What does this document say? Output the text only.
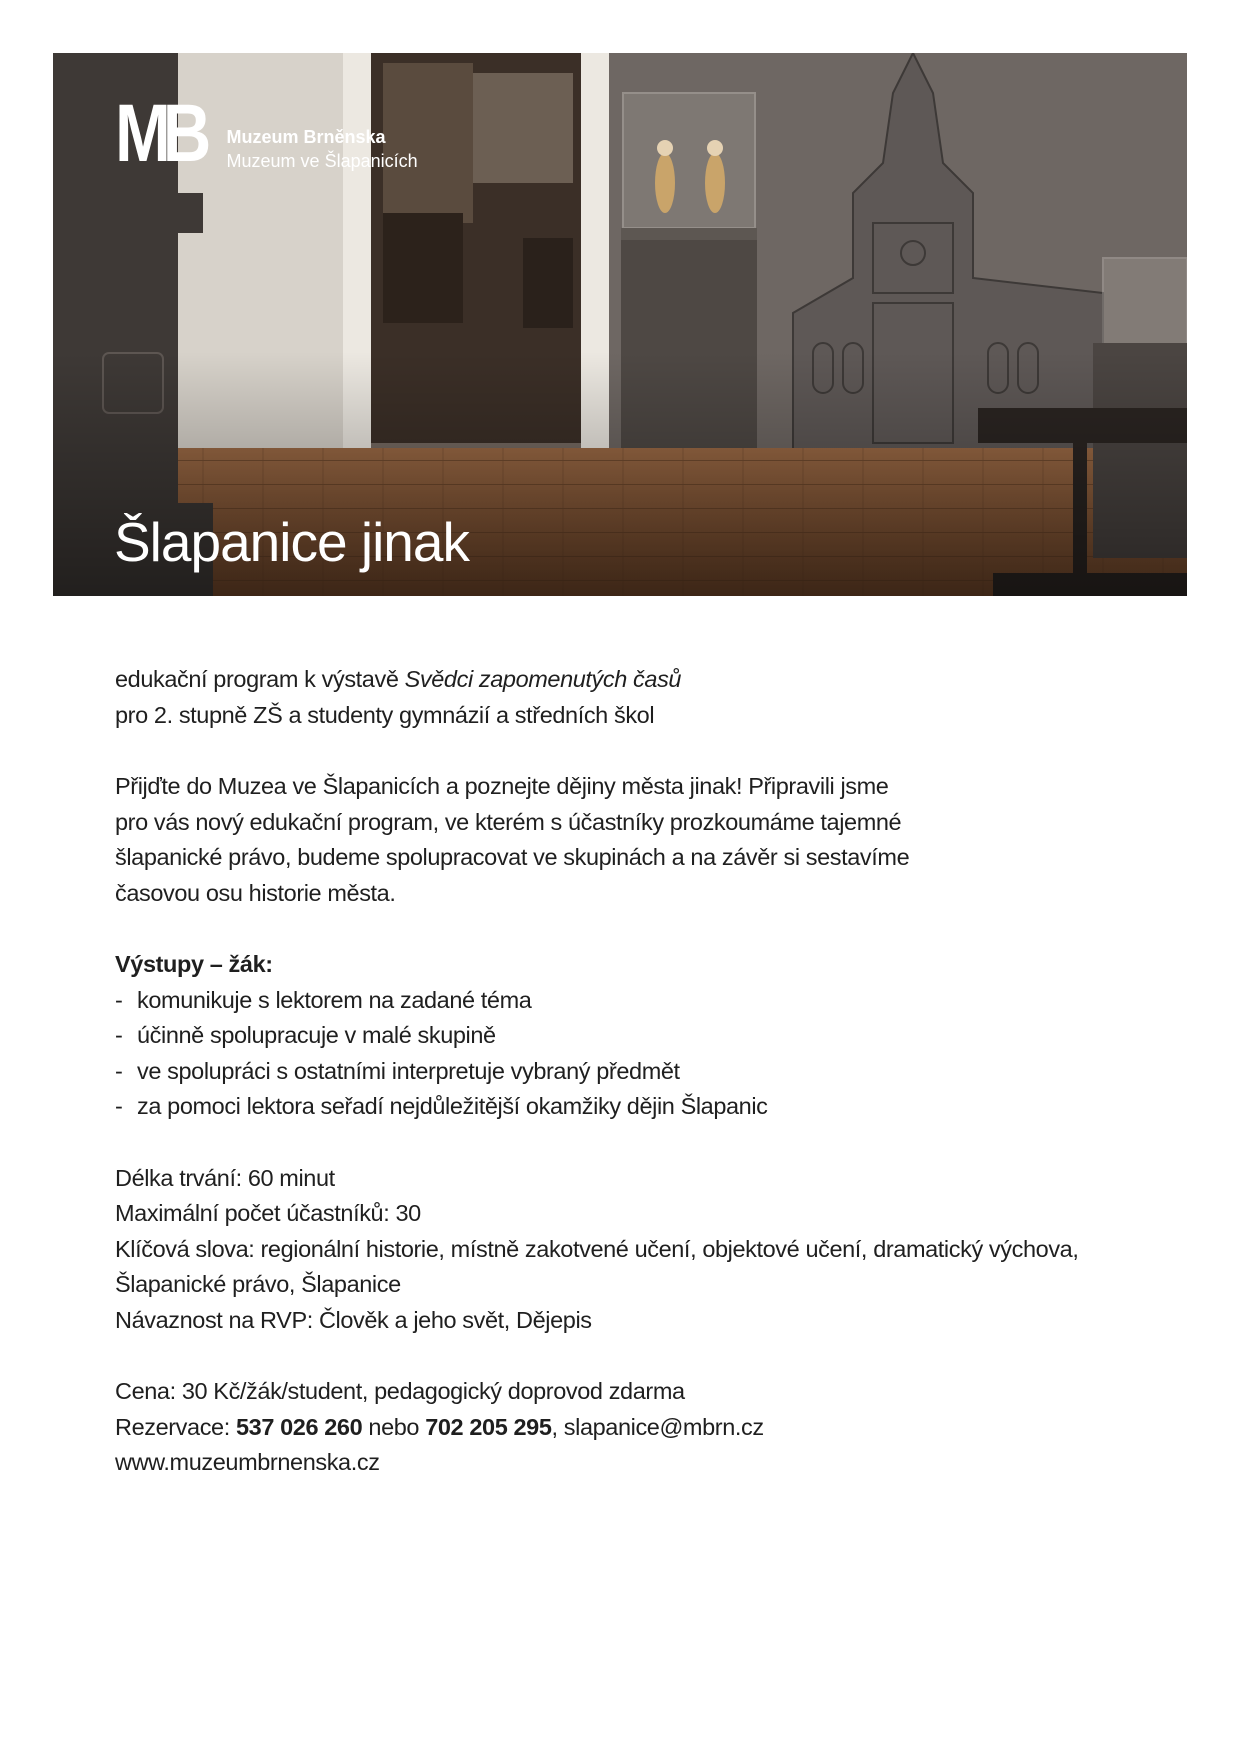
MB Muzeum Brněnska
Muzeum ve Šlapanicích
Šlapanice jinak

edukační program k výstavě Svědci zapomenutých časů

pro 2. stupně ZŠ a studenty gymnázií a středních škol

Přijďte do Muzea ve Šlapanicích a poznejte dějiny města jinak! Připravili jsme

pro vás nový edukační program, ve kterém s účastníky prozkoumáme tajemné

šlapanické právo, budeme spolupracovat ve skupinách a na závěr si sestavíme

časovou osu historie města.

Výstupy – žák:

- komunikuje s lektorem na zadané téma
- účinně spolupracuje v malé skupině
- ve spolupráci s ostatními interpretuje vybraný předmět
- za pomoci lektora seřadí nejdůležitější okamžiky dějin Šlapanic

Délka trvání: 60 minut

Maximální počet účastníků: 30

Klíčová slova: regionální historie, místně zakotvené učení, objektové učení, dramatický výchova,

Šlapanické právo, Šlapanice

Návaznost na RVP: Člověk a jeho svět, Dějepis

Cena: 30 Kč/žák/student, pedagogický doprovod zdarma

Rezervace: 537 026 260 nebo 702 205 295, slapanice@mbrn.cz

www.muzeumbrnenska.cz
